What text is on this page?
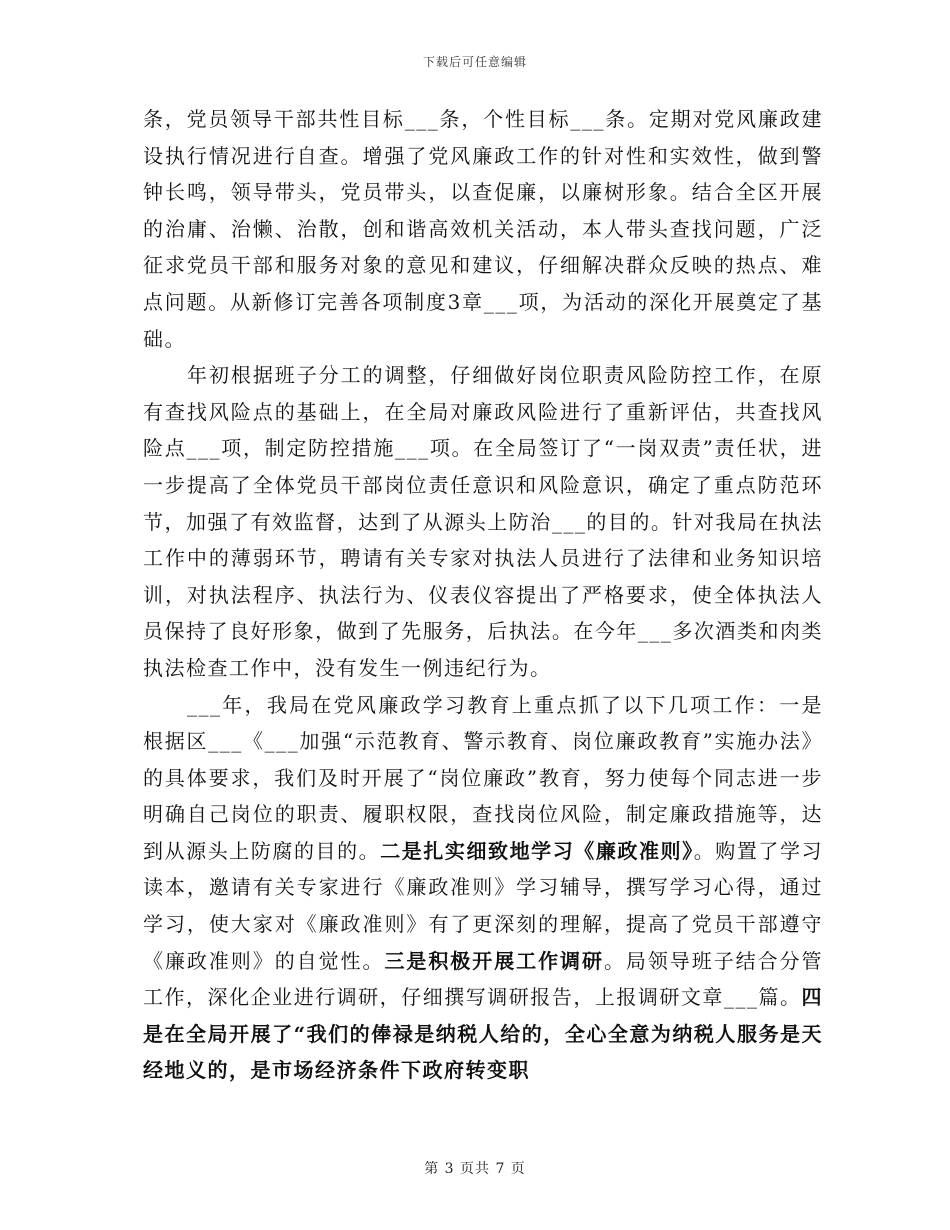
下载后可任意编辑

条，党员领导干部共性目标___条，个性目标___条。定期对党风廉政建设执行情况进行自查。增强了党风廉政工作的针对性和实效性，做到警钟长鸣，领导带头，党员带头，以查促廉，以廉树形象。结合全区开展的治庸、治懒、治散，创和谐高效机关活动，本人带头查找问题，广泛征求党员干部和服务对象的意见和建议，仔细解决群众反映的热点、难点问题。从新修订完善各项制度3章___项，为活动的深化开展奠定了基础。

年初根据班子分工的调整，仔细做好岗位职责风险防控工作，在原有查找风险点的基础上，在全局对廉政风险进行了重新评估，共查找风险点___项，制定防控措施___项。在全局签订了“一岗双责”责任状，进一步提高了全体党员干部岗位责任意识和风险意识，确定了重点防范环节，加强了有效监督，达到了从源头上防治___的目的。针对我局在执法工作中的薄弱环节，聘请有关专家对执法人员进行了法律和业务知识培训，对执法程序、执法行为、仪表仪容提出了严格要求，使全体执法人员保持了良好形象，做到了先服务，后执法。在今年___多次酒类和肉类执法检查工作中，没有发生一例违纪行为。

___年，我局在党风廉政学习教育上重点抓了以下几项工作：一是根据区___《___加强“示范教育、警示教育、岗位廉政教育”实施办法》的具体要求，我们及时开展了“岗位廉政”教育，努力使每个同志进一步明确自己岗位的职责、履职权限，查找岗位风险，制定廉政措施等，达到从源头上防腐的目的。二是扎实细致地学习《廉政准则》。购置了学习读本，邀请有关专家进行《廉政准则》学习辅导，撰写学习心得，通过学习，使大家对《廉政准则》有了更深刻的理解，提高了党员干部遵守《廉政准则》的自觉性。三是积极开展工作调研。局领导班子结合分管工作，深化企业进行调研，仔细撰写调研报告，上报调研文章___篇。四是在全局开展了“我们的俸禄是纳税人给的，全心全意为纳税人服务是天经地义的，是市场经济条件下政府转变职

第 3 页共 7 页
